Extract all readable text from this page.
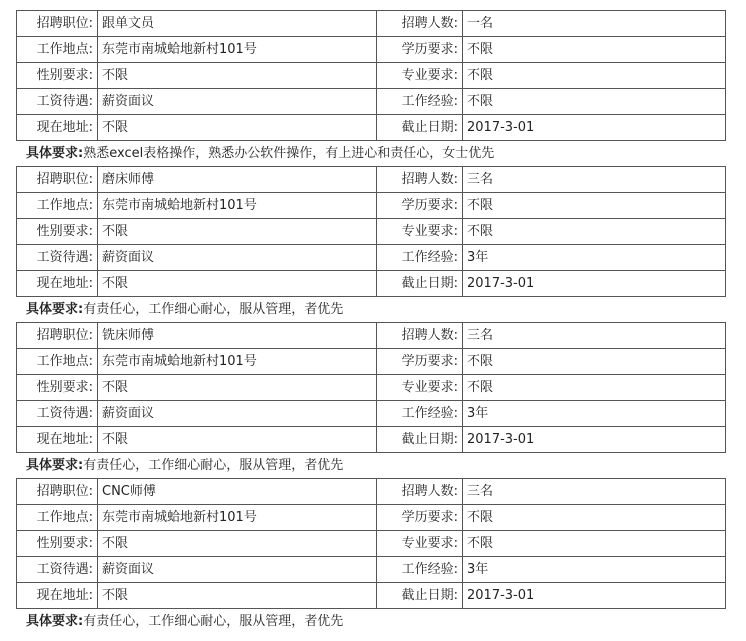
招聘职位:	跟单文员	招聘人数:	一名
工作地点:	东莞市南城蛤地新村101号	学历要求:	不限
性别要求:	不限	专业要求:	不限
工资待遇:	薪资面议	工作经验:	不限
现在地址:	不限	截止日期:	2017-3-01
具体要求:熟悉excel表格操作，熟悉办公软件操作，有上进心和责任心，女士优先
招聘职位:	磨床师傅	招聘人数:	三名
工作地点:	东莞市南城蛤地新村101号	学历要求:	不限
性别要求:	不限	专业要求:	不限
工资待遇:	薪资面议	工作经验:	3年
现在地址:	不限	截止日期:	2017-3-01
具体要求:有责任心，工作细心耐心，服从管理，者优先
招聘职位:	铣床师傅	招聘人数:	三名
工作地点:	东莞市南城蛤地新村101号	学历要求:	不限
性别要求:	不限	专业要求:	不限
工资待遇:	薪资面议	工作经验:	3年
现在地址:	不限	截止日期:	2017-3-01
具体要求:有责任心，工作细心耐心，服从管理，者优先
招聘职位:	CNC师傅	招聘人数:	三名
工作地点:	东莞市南城蛤地新村101号	学历要求:	不限
性别要求:	不限	专业要求:	不限
工资待遇:	薪资面议	工作经验:	3年
现在地址:	不限	截止日期:	2017-3-01
具体要求:有责任心，工作细心耐心，服从管理，者优先
